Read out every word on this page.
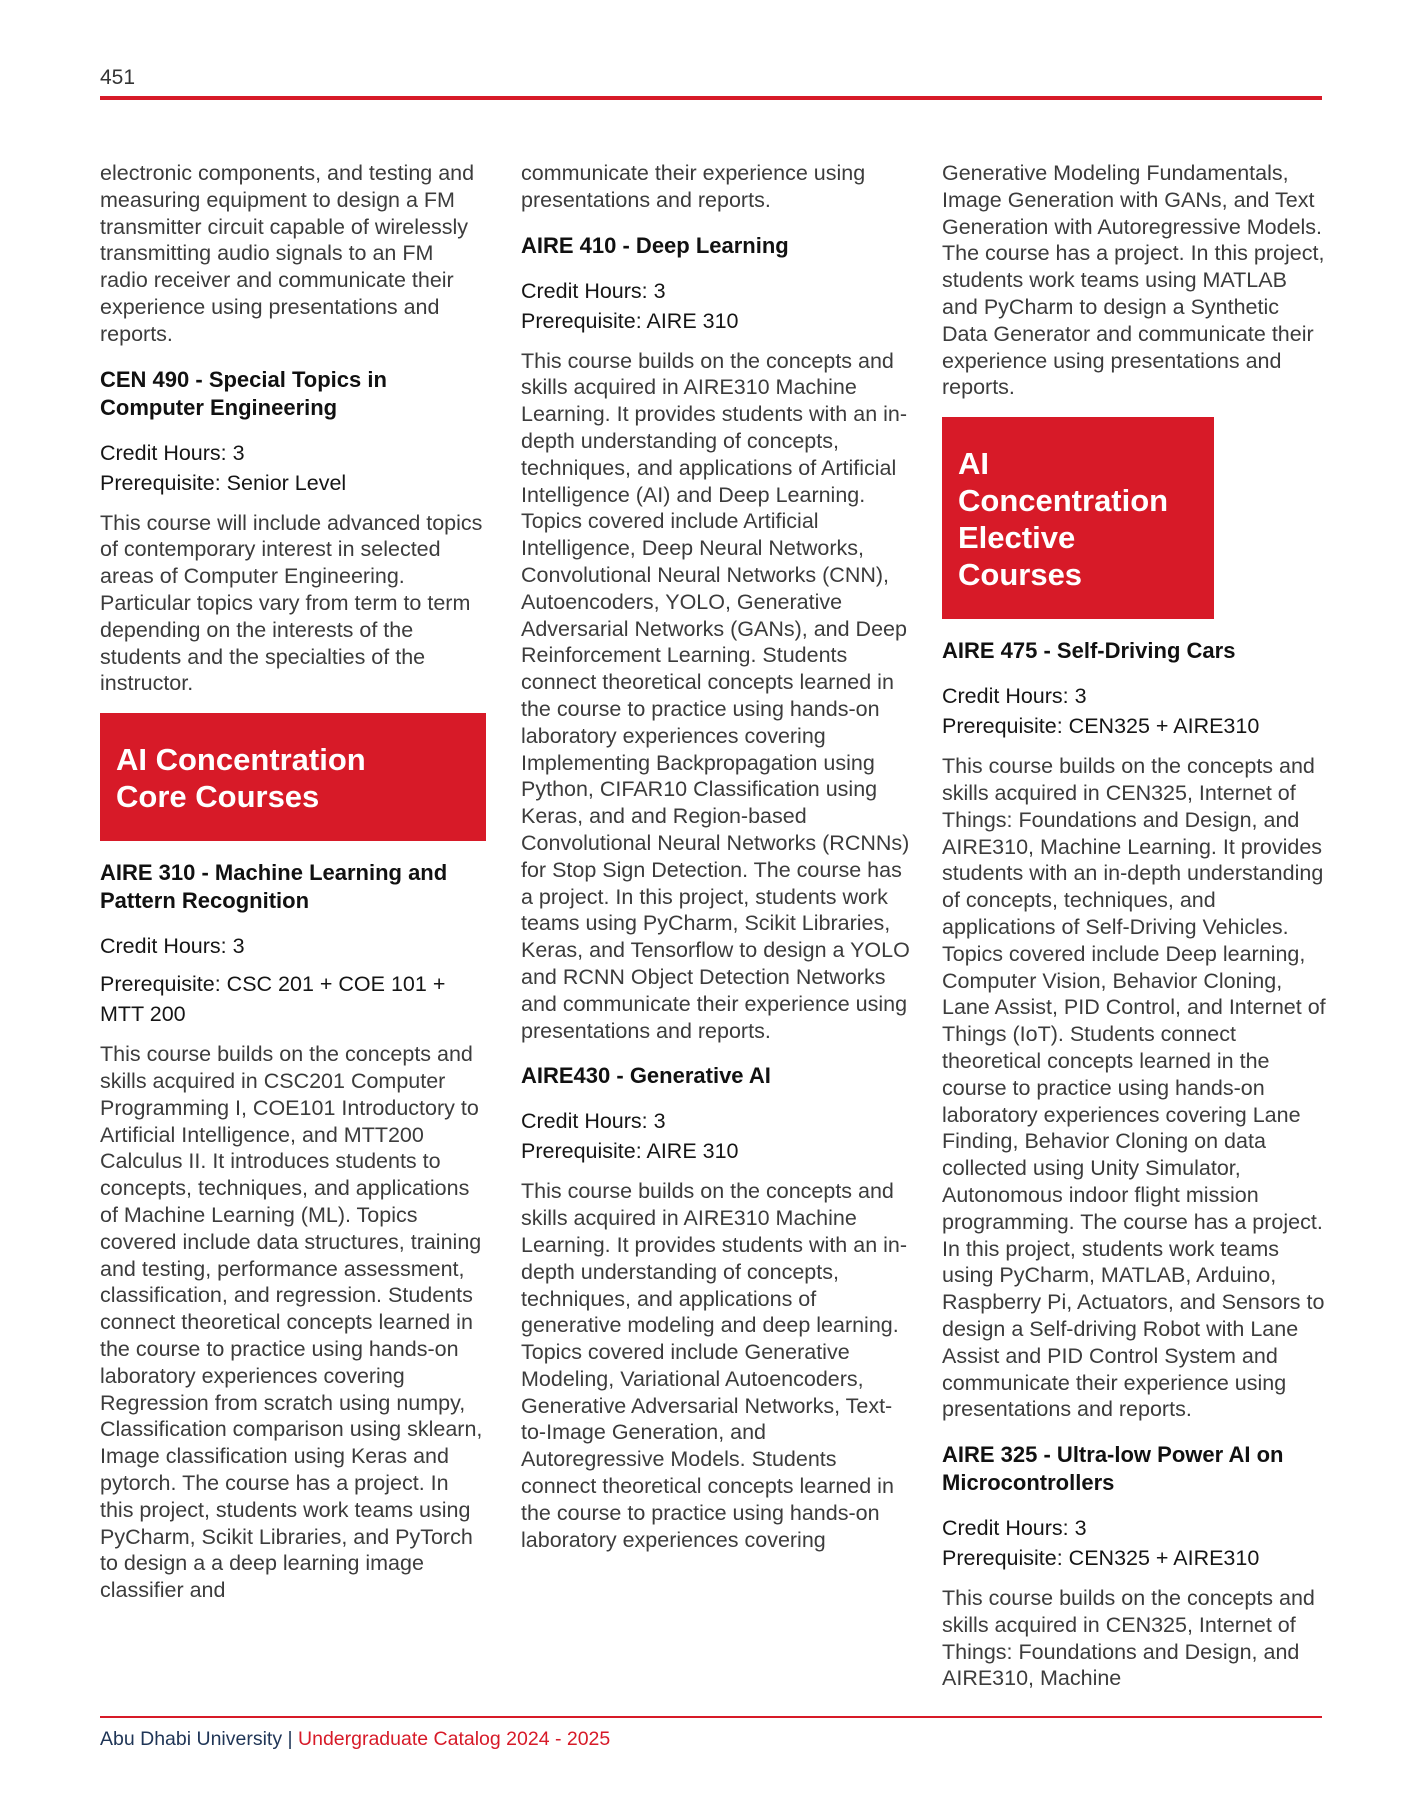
451

electronic components, and testing and measuring equipment to design a FM transmitter circuit capable of wirelessly transmitting audio signals to an FM radio receiver and communicate their experience using presentations and reports.

CEN 490 - Special Topics in Computer Engineering
Credit Hours: 3
Prerequisite: Senior Level

This course will include advanced topics of contemporary interest in selected areas of Computer Engineering. Particular topics vary from term to term depending on the interests of the students and the specialties of the instructor.

AI Concentration
Core Courses
AIRE 310 - Machine Learning and Pattern Recognition
Credit Hours: 3
Prerequisite: CSC 201 + COE 101 + MTT 200

This course builds on the concepts and skills acquired in CSC201 Computer Programming I, COE101 Introductory to Artificial Intelligence, and MTT200 Calculus II. It introduces students to concepts, techniques, and applications of Machine Learning (ML). Topics covered include data structures, training and testing, performance assessment, classification, and regression. Students connect theoretical concepts learned in the course to practice using hands-on laboratory experiences covering Regression from scratch using numpy, Classification comparison using sklearn, Image classification using Keras and pytorch. The course has a project. In this project, students work teams using PyCharm, Scikit Libraries, and PyTorch to design a a deep learning image classifier and

communicate their experience using presentations and reports.

AIRE 410 - Deep Learning
Credit Hours: 3
Prerequisite: AIRE 310

This course builds on the concepts and skills acquired in AIRE310 Machine Learning. It provides students with an in-depth understanding of concepts, techniques, and applications of Artificial Intelligence (AI) and Deep Learning. Topics covered include Artificial Intelligence, Deep Neural Networks, Convolutional Neural Networks (CNN), Autoencoders, YOLO, Generative Adversarial Networks (GANs), and Deep Reinforcement Learning. Students connect theoretical concepts learned in the course to practice using hands-on laboratory experiences covering Implementing Backpropagation using Python, CIFAR10 Classification using Keras, and and Region-based Convolutional Neural Networks (RCNNs) for Stop Sign Detection. The course has a project. In this project, students work teams using PyCharm, Scikit Libraries, Keras, and Tensorflow to design a YOLO and RCNN Object Detection Networks and communicate their experience using presentations and reports.

AIRE430 - Generative AI
Credit Hours: 3
Prerequisite: AIRE 310

This course builds on the concepts and skills acquired in AIRE310 Machine Learning. It provides students with an in-depth understanding of concepts, techniques, and applications of generative modeling and deep learning. Topics covered include Generative Modeling, Variational Autoencoders, Generative Adversarial Networks, Text-to-Image Generation, and Autoregressive Models. Students connect theoretical concepts learned in the course to practice using hands-on laboratory experiences covering

Generative Modeling Fundamentals, Image Generation with GANs, and Text Generation with Autoregressive Models. The course has a project. In this project, students work teams using MATLAB and PyCharm to design a Synthetic Data Generator and communicate their experience using presentations and reports.

AI Concentration
Elective Courses
AIRE 475 - Self-Driving Cars
Credit Hours: 3
Prerequisite: CEN325 + AIRE310

This course builds on the concepts and skills acquired in CEN325, Internet of Things: Foundations and Design, and AIRE310, Machine Learning. It provides students with an in-depth understanding of concepts, techniques, and applications of Self-Driving Vehicles. Topics covered include Deep learning, Computer Vision, Behavior Cloning, Lane Assist, PID Control, and Internet of Things (IoT). Students connect theoretical concepts learned in the course to practice using hands-on laboratory experiences covering Lane Finding, Behavior Cloning on data collected using Unity Simulator, Autonomous indoor flight mission programming. The course has a project. In this project, students work teams using PyCharm, MATLAB, Arduino, Raspberry Pi, Actuators, and Sensors to design a Self-driving Robot with Lane Assist and PID Control System and communicate their experience using presentations and reports.

AIRE 325 - Ultra-low Power AI on Microcontrollers
Credit Hours: 3
Prerequisite: CEN325 + AIRE310

This course builds on the concepts and skills acquired in CEN325, Internet of Things: Foundations and Design, and AIRE310, Machine

Abu Dhabi University | Undergraduate Catalog 2024 - 2025
